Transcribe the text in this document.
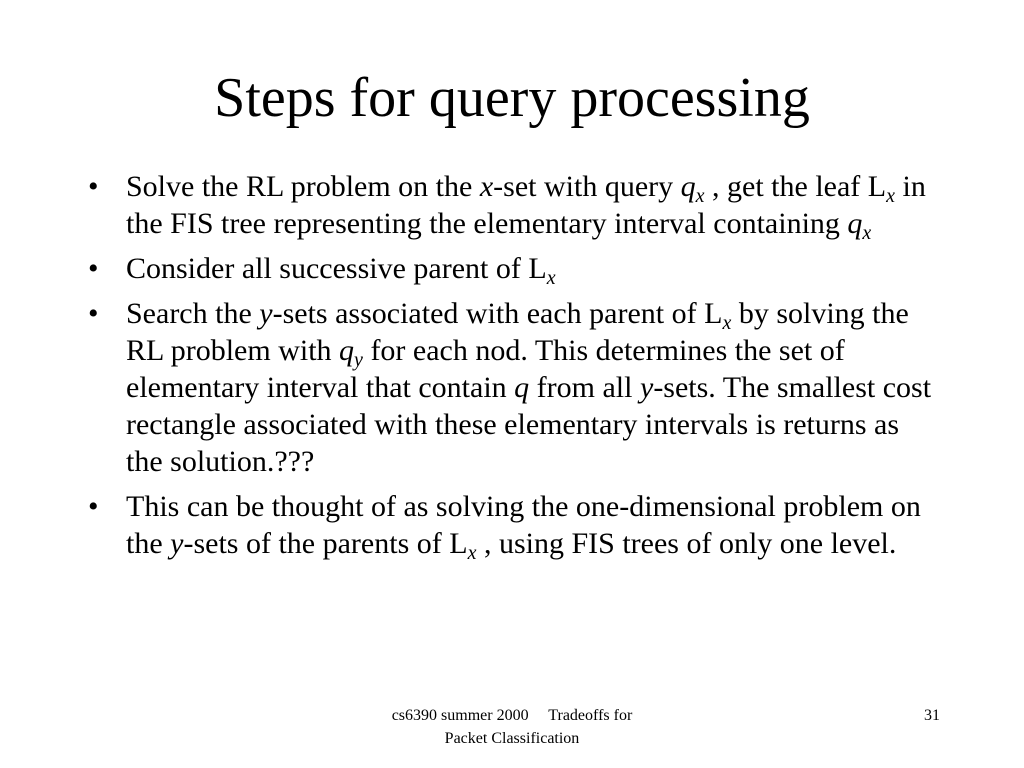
Steps for query processing
• Solve the RL problem on the x-set with query $q_x$ , get the leaf $L_x$ in the FIS tree representing the elementary interval containing $q_x$
• Consider all successive parent of $L_x$
• Search the y-sets associated with each parent of $L_x$ by solving the RL problem with $q_y$ for each nod. This determines the set of elementary interval that contain q from all y-sets. The smallest cost rectangle associated with these elementary intervals is returns as the solution.???
• This can be thought of as solving the one-dimensional problem on the y-sets of the parents of $L_x$ , using FIS trees of only one level.
cs6390 summer 2000     Tradeoffs for
Packet Classification
31
